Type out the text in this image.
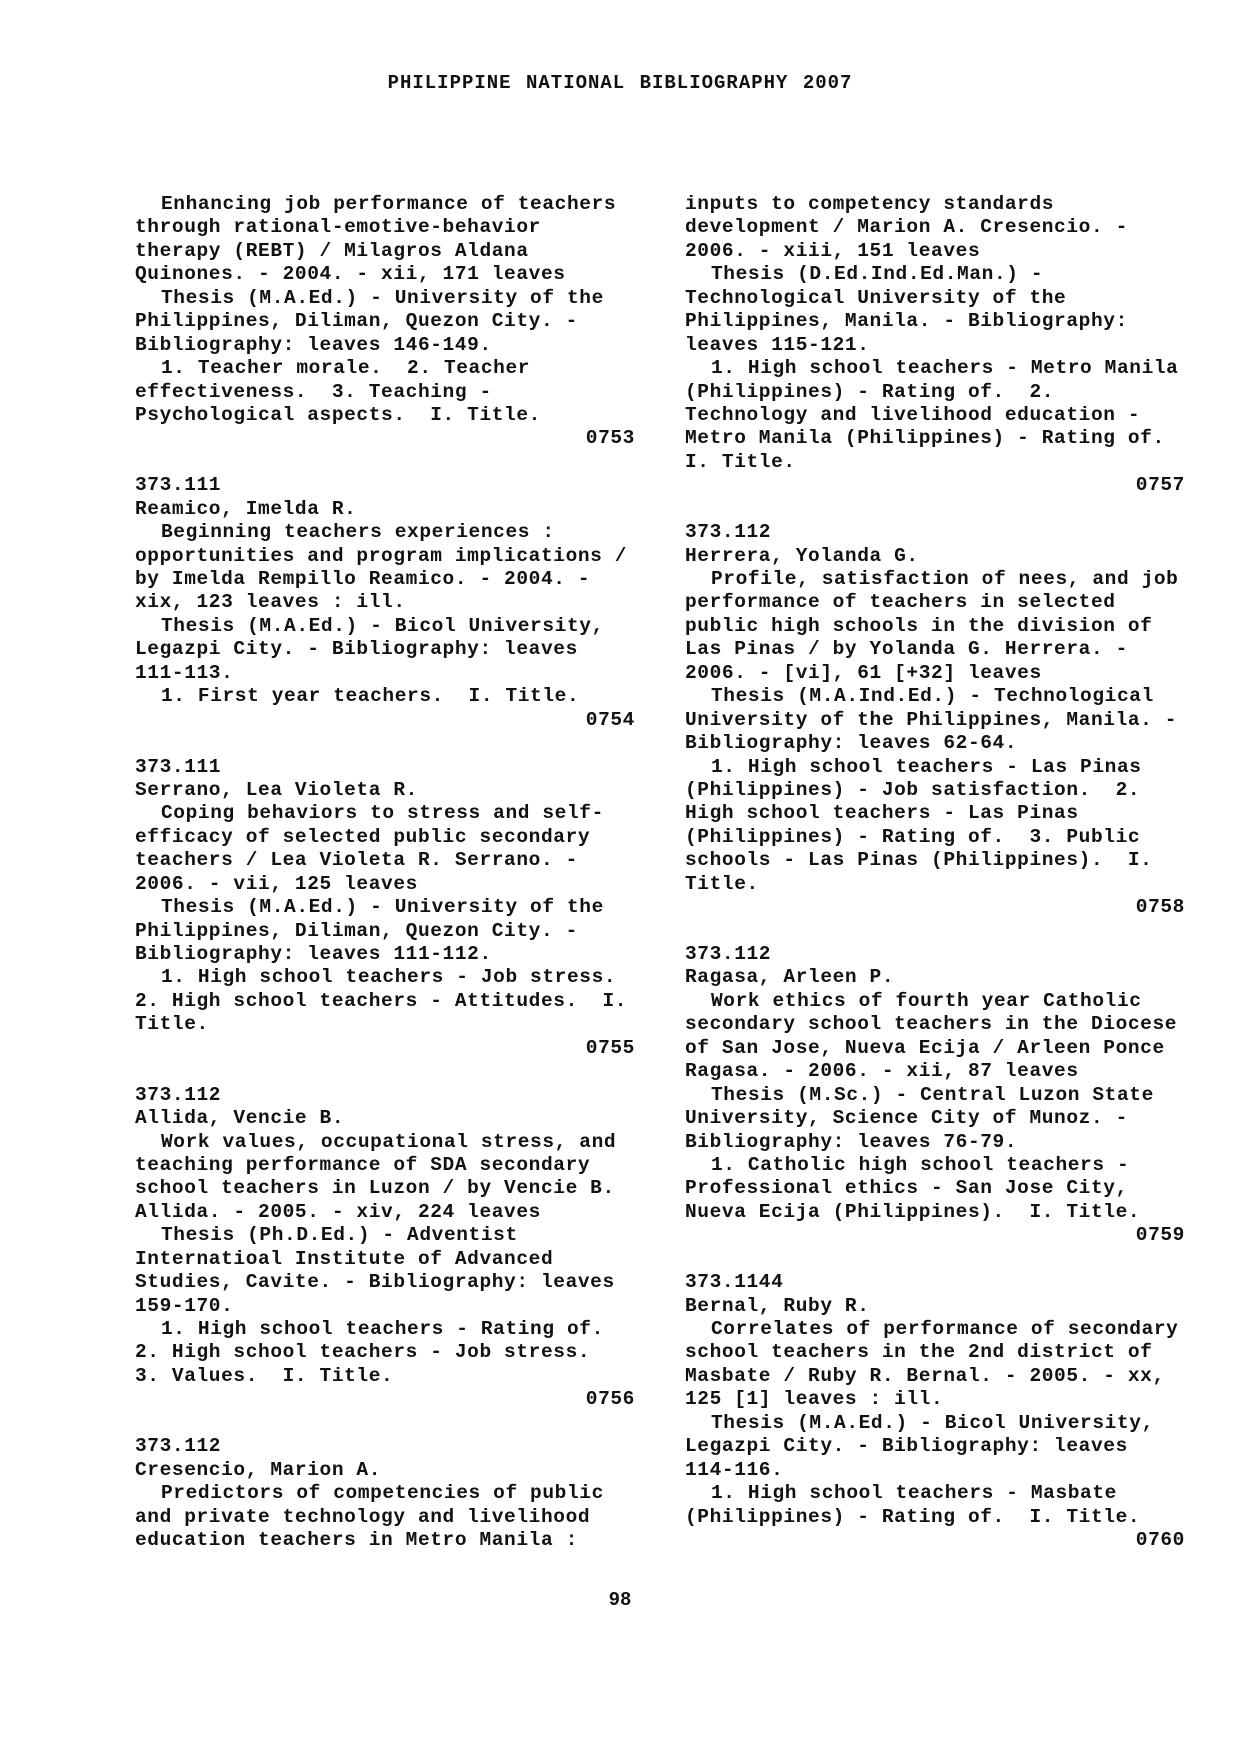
PHILIPPINE NATIONAL BIBLIOGRAPHY 2007
Enhancing job performance of teachers
through rational-emotive-behavior
therapy (REBT) / Milagros Aldana
Quinones. - 2004. - xii, 171 leaves
Thesis (M.A.Ed.) - University of the
Philippines, Diliman, Quezon City. -
Bibliography: leaves 146-149.
1. Teacher morale.  2. Teacher
effectiveness.  3. Teaching -
Psychological aspects.  I. Title.
0753
373.111
Reamico, Imelda R.
Beginning teachers experiences :
opportunities and program implications /
by Imelda Rempillo Reamico. - 2004. -
xix, 123 leaves : ill.
Thesis (M.A.Ed.) - Bicol University,
Legazpi City. - Bibliography: leaves
111-113.
1. First year teachers.  I. Title.
0754
373.111
Serrano, Lea Violeta R.
Coping behaviors to stress and self-
efficacy of selected public secondary
teachers / Lea Violeta R. Serrano. -
2006. - vii, 125 leaves
Thesis (M.A.Ed.) - University of the
Philippines, Diliman, Quezon City. -
Bibliography: leaves 111-112.
1. High school teachers - Job stress.
2. High school teachers - Attitudes.  I.
Title.
0755
373.112
Allida, Vencie B.
Work values, occupational stress, and
teaching performance of SDA secondary
school teachers in Luzon / by Vencie B.
Allida. - 2005. - xiv, 224 leaves
Thesis (Ph.D.Ed.) - Adventist
Internatioal Institute of Advanced
Studies, Cavite. - Bibliography: leaves
159-170.
1. High school teachers - Rating of.
2. High school teachers - Job stress.
3. Values.  I. Title.
0756
373.112
Cresencio, Marion A.
Predictors of competencies of public
and private technology and livelihood
education teachers in Metro Manila :
inputs to competency standards
development / Marion A. Cresencio. -
2006. - xiii, 151 leaves
Thesis (D.Ed.Ind.Ed.Man.) -
Technological University of the
Philippines, Manila. - Bibliography:
leaves 115-121.
1. High school teachers - Metro Manila
(Philippines) - Rating of.  2.
Technology and livelihood education -
Metro Manila (Philippines) - Rating of.
I. Title.
0757
373.112
Herrera, Yolanda G.
Profile, satisfaction of nees, and job
performance of teachers in selected
public high schools in the division of
Las Pinas / by Yolanda G. Herrera. -
2006. - [vi], 61 [+32] leaves
Thesis (M.A.Ind.Ed.) - Technological
University of the Philippines, Manila. -
Bibliography: leaves 62-64.
1. High school teachers - Las Pinas
(Philippines) - Job satisfaction.  2.
High school teachers - Las Pinas
(Philippines) - Rating of.  3. Public
schools - Las Pinas (Philippines).  I.
Title.
0758
373.112
Ragasa, Arleen P.
Work ethics of fourth year Catholic
secondary school teachers in the Diocese
of San Jose, Nueva Ecija / Arleen Ponce
Ragasa. - 2006. - xii, 87 leaves
Thesis (M.Sc.) - Central Luzon State
University, Science City of Munoz. -
Bibliography: leaves 76-79.
1. Catholic high school teachers -
Professional ethics - San Jose City,
Nueva Ecija (Philippines).  I. Title.
0759
373.1144
Bernal, Ruby R.
Correlates of performance of secondary
school teachers in the 2nd district of
Masbate / Ruby R. Bernal. - 2005. - xx,
125 [1] leaves : ill.
Thesis (M.A.Ed.) - Bicol University,
Legazpi City. - Bibliography: leaves
114-116.
1. High school teachers - Masbate
(Philippines) - Rating of.  I. Title.
0760
98
